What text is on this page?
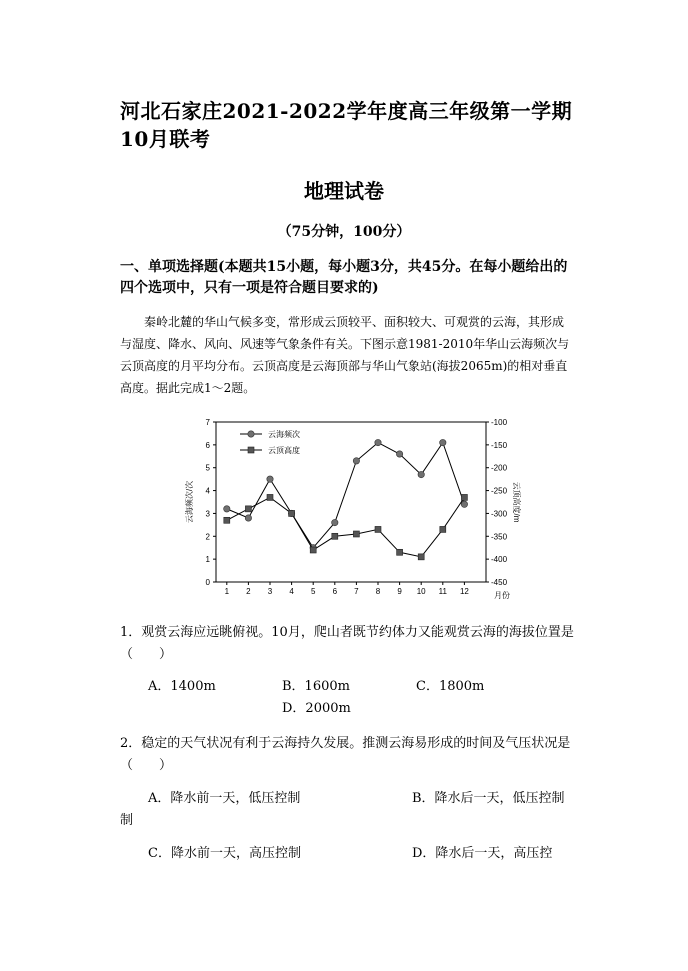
河北石家庄2021-2022学年度高三年级第一学期10月联考
地理试卷
（75分钟，100分）
一、单项选择题(本题共15小题，每小题3分，共45分。在每小题给出的四个选项中，只有一项是符合题目要求的)
秦岭北麓的华山气候多变，常形成云顶较平、面积较大、可观赏的云海，其形成与湿度、降水、风向、风速等气象条件有关。下图示意1981-2010年华山云海频次与云顶高度的月平均分布。云顶高度是云海顶部与华山气象站(海拔2065m)的相对垂直高度。据此完成1～2题。
0
1
2
3
4
5
6
7	-100
-150
-200
-250
-300
-350
-400
-450
1 2 3 4 5 6 7 8 9 10 11 12	月份
云海频次/次	云顶高度/m
云海频次
云顶高度
1．观赏云海应远眺俯视。10月，爬山者既节约体力又能观赏云海的海拔位置是　　　（　　）
A．1400m	B．1600m	C．1800m
D．2000m
2．稳定的天气状况有利于云海持久发展。推测云海易形成的时间及气压状况是　　（　　）
A．降水前一天，低压控制	B．降水后一天，低压控制
制
C．降水前一天，高压控制	D．降水后一天，高压控
